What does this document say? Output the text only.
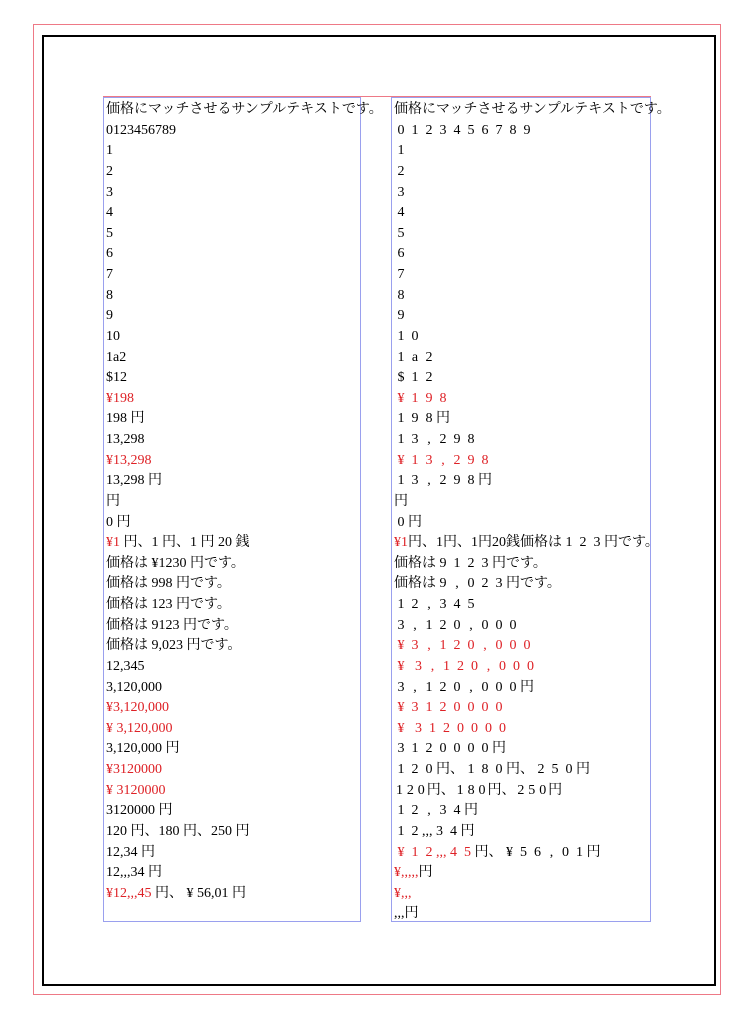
価格にマッチさせるサンプルテキストです。
0123456789
1
2
3
4
5
6
7
8
9
10
1a2
$12
¥198
198 円
13,298
¥13,298
13,298 円
円
0 円
¥1 円、1 円、1 円 20 銭
価格は ¥1230 円です。
価格は 998 円です。
価格は 123 円です。
価格は 9123 円です。
価格は 9,023 円です。
12,345
3,120,000
¥3,120,000
¥ 3,120,000
3,120,000 円
¥3120000
¥ 3120000
3120000 円
120 円、180 円、250 円
12,34 円
12,,,34 円
¥12,,,45 円、 ¥ 56,01 円
価格にマッチさせるサンプルテキストです。
0 1 2 3 4 5 6 7 8 9
1
2
3
4
5
6
7
8
9
1 0
1 a 2
$ 1 2
¥ 1 9 8
1 9 8 円
1 3 , 2 9 8
¥ 1 3 , 2 9 8
1 3 , 2 9 8 円
円
0 円
¥1円、1円、1円20銭価格は 1 2 3 円です。
価格は 9 1 2 3 円です。
価格は 9 , 0 2 3 円です。
1 2 , 3 4 5
3 , 1 2 0 , 0 0 0
¥ 3 , 1 2 0 , 0 0 0
¥ 3 , 1 2 0 , 0 0 0
3 , 1 2 0 , 0 0 0 円
¥ 3 1 2 0 0 0 0
¥ 3 1 2 0 0 0 0
3 1 2 0 0 0 0 円
1 2 0 円、 1 8 0 円、 2 5 0 円
1 2 0 円、 1 8 0 円、 2 5 0 円
1 2 , 3 4 円
1 2 ,,, 3 4 円
¥ 1 2 ,,, 4 5 円、 ¥ 5 6 , 0 1 円
¥,,,,,円
¥,,,
,,,円
